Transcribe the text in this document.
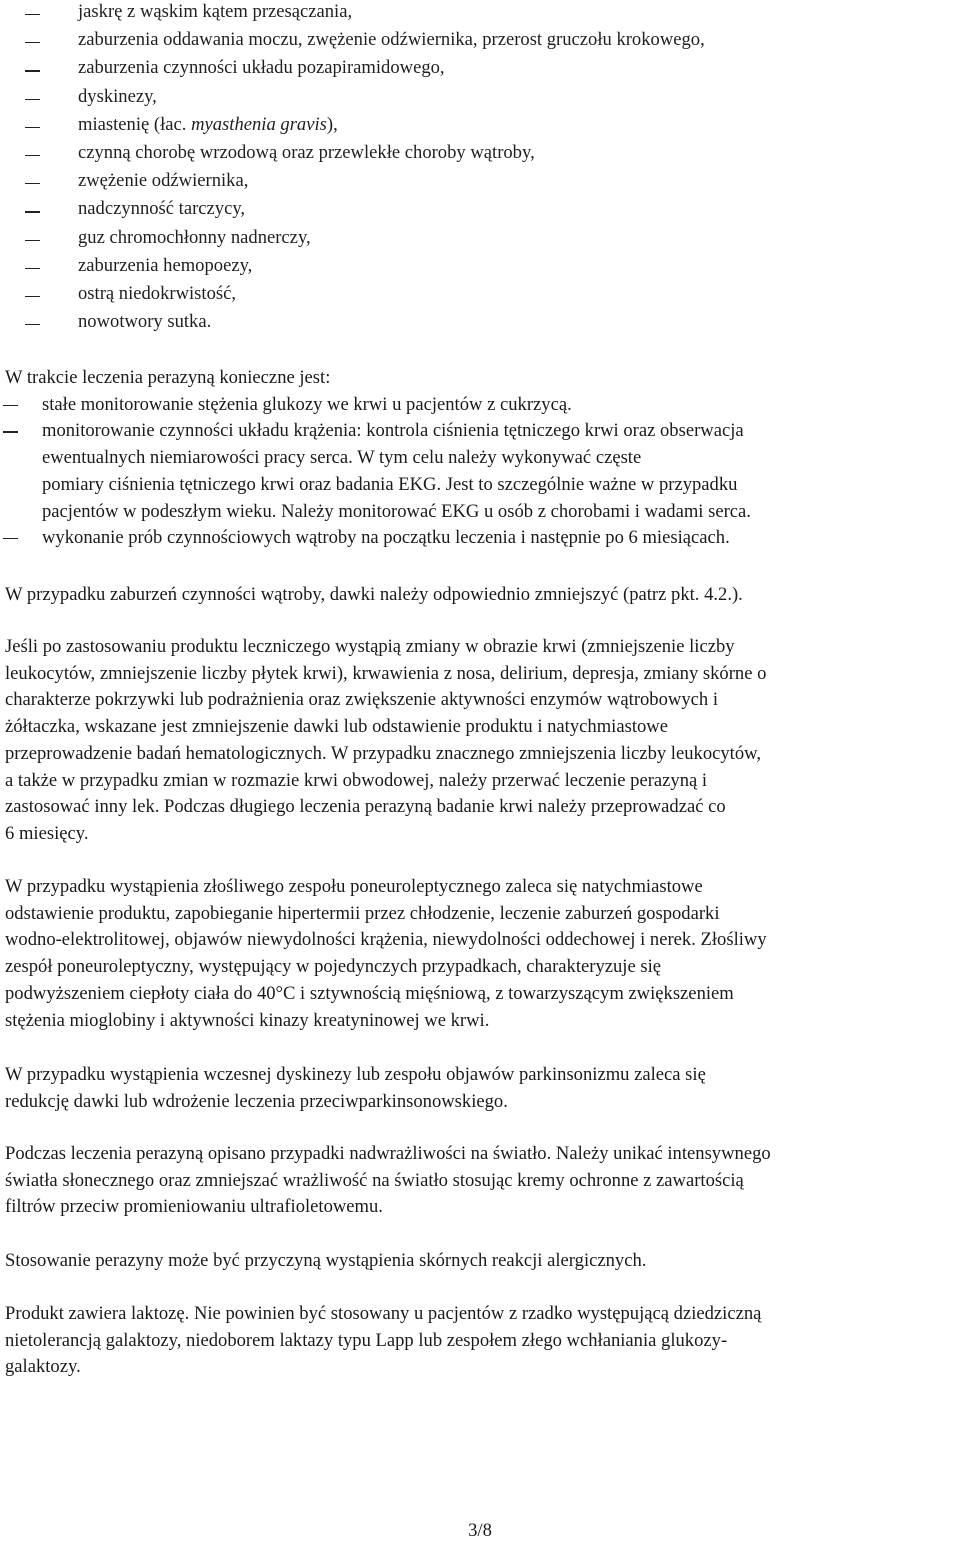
jaskrę z wąskim kątem przesączania,
zaburzenia oddawania moczu, zwężenie odźwiernika, przerost gruczołu krokowego,
zaburzenia czynności układu pozapiramidowego,
dyskinezy,
miastenię (łac. myasthenia gravis),
czynną chorobę wrzodową oraz przewlekłe choroby wątroby,
zwężenie odźwiernika,
nadczynność tarczycy,
guz chromochłonny nadnerczy,
zaburzenia hemopoezy,
ostrą niedokrwistość,
nowotwory sutka.

W trakcie leczenia perazyną konieczne jest:

stałe monitorowanie stężenia glukozy we krwi u pacjentów z cukrzycą.
monitorowanie czynności układu krążenia: kontrola ciśnienia tętniczego krwi oraz obserwacja
ewentualnych niemiarowości pracy serca. W tym celu należy wykonywać częste
pomiary ciśnienia tętniczego krwi oraz badania EKG. Jest to szczególnie ważne w przypadku
pacjentów w podeszłym wieku. Należy monitorować EKG u osób z chorobami i wadami serca.
wykonanie prób czynnościowych wątroby na początku leczenia i następnie po 6 miesiącach.

W przypadku zaburzeń czynności wątroby, dawki należy odpowiednio zmniejszyć (patrz pkt. 4.2.).

Jeśli po zastosowaniu produktu leczniczego wystąpią zmiany w obrazie krwi (zmniejszenie liczby

leukocytów, zmniejszenie liczby płytek krwi), krwawienia z nosa, delirium, depresja, zmiany skórne o

charakterze pokrzywki lub podrażnienia oraz zwiększenie aktywności enzymów wątrobowych i

żółtaczka, wskazane jest zmniejszenie dawki lub odstawienie produktu i natychmiastowe

przeprowadzenie badań hematologicznych. W przypadku znacznego zmniejszenia liczby leukocytów,

a także w przypadku zmian w rozmazie krwi obwodowej, należy przerwać leczenie perazyną i

zastosować inny lek. Podczas długiego leczenia perazyną badanie krwi należy przeprowadzać co

6 miesięcy.

W przypadku wystąpienia złośliwego zespołu poneuroleptycznego zaleca się natychmiastowe

odstawienie produktu, zapobieganie hipertermii przez chłodzenie, leczenie zaburzeń gospodarki

wodno-elektrolitowej, objawów niewydolności krążenia, niewydolności oddechowej i nerek. Złośliwy

zespół poneuroleptyczny, występujący w pojedynczych przypadkach, charakteryzuje się

podwyższeniem ciepłoty ciała do 40°C i sztywnością mięśniową, z towarzyszącym zwiększeniem

stężenia mioglobiny i aktywności kinazy kreatyninowej we krwi.

W przypadku wystąpienia wczesnej dyskinezy lub zespołu objawów parkinsonizmu zaleca się

redukcję dawki lub wdrożenie leczenia przeciwparkinsonowskiego.

Podczas leczenia perazyną opisano przypadki nadwrażliwości na światło. Należy unikać intensywnego

światła słonecznego oraz zmniejszać wrażliwość na światło stosując kremy ochronne z zawartością

filtrów przeciw promieniowaniu ultrafioletowemu.

Stosowanie perazyny może być przyczyną wystąpienia skórnych reakcji alergicznych.

Produkt zawiera laktozę. Nie powinien być stosowany u pacjentów z rzadko występującą dziedziczną

nietolerancją galaktozy, niedoborem laktazy typu Lapp lub zespołem złego wchłaniania glukozy-

galaktozy.

3/8
